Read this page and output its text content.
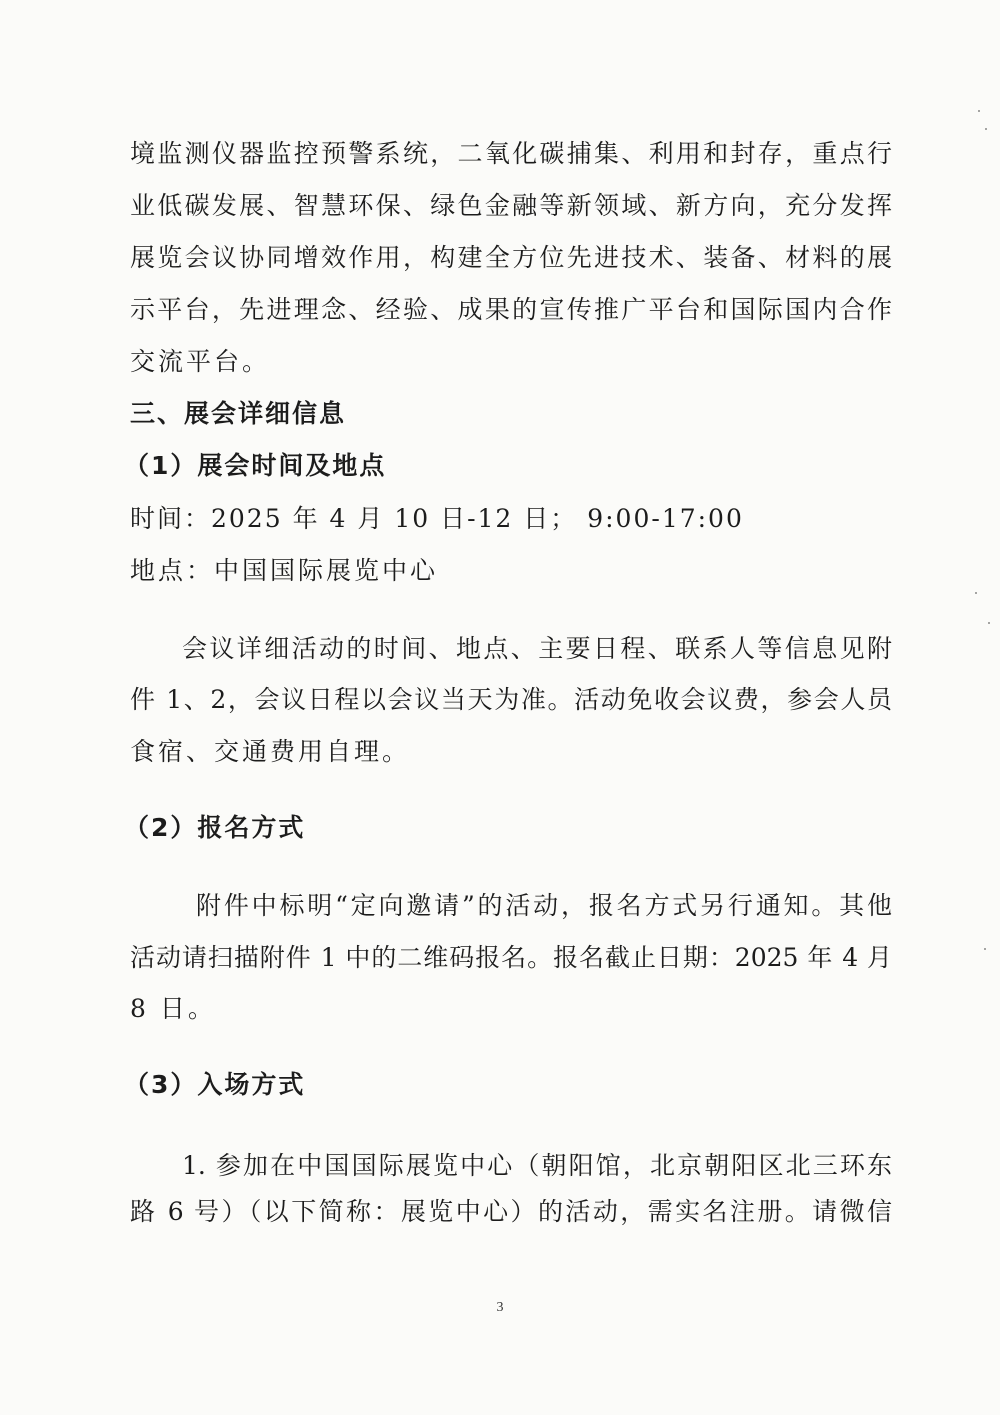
境监测仪器监控预警系统，二氧化碳捕集、利用和封存，重点行
业低碳发展、智慧环保、绿色金融等新领域、新方向，充分发挥
展览会议协同增效作用，构建全方位先进技术、装备、材料的展
示平台，先进理念、经验、成果的宣传推广平台和国际国内合作
交流平台。
三、展会详细信息
（1）展会时间及地点
时间：2025 年 4 月 10 日-12 日； 9:00-17:00
地点：中国国际展览中心
会议详细活动的时间、地点、主要日程、联系人等信息见附
件 1、2，会议日程以会议当天为准。活动免收会议费，参会人员
食宿、交通费用自理。
（2）报名方式
附件中标明“定向邀请”的活动，报名方式另行通知。其他
活动请扫描附件 1 中的二维码报名。报名截止日期：2025 年 4 月
8 日。
（3）入场方式
1. 参加在中国国际展览中心（朝阳馆，北京朝阳区北三环东
路 6 号）（以下简称：展览中心）的活动，需实名注册。请微信
3
